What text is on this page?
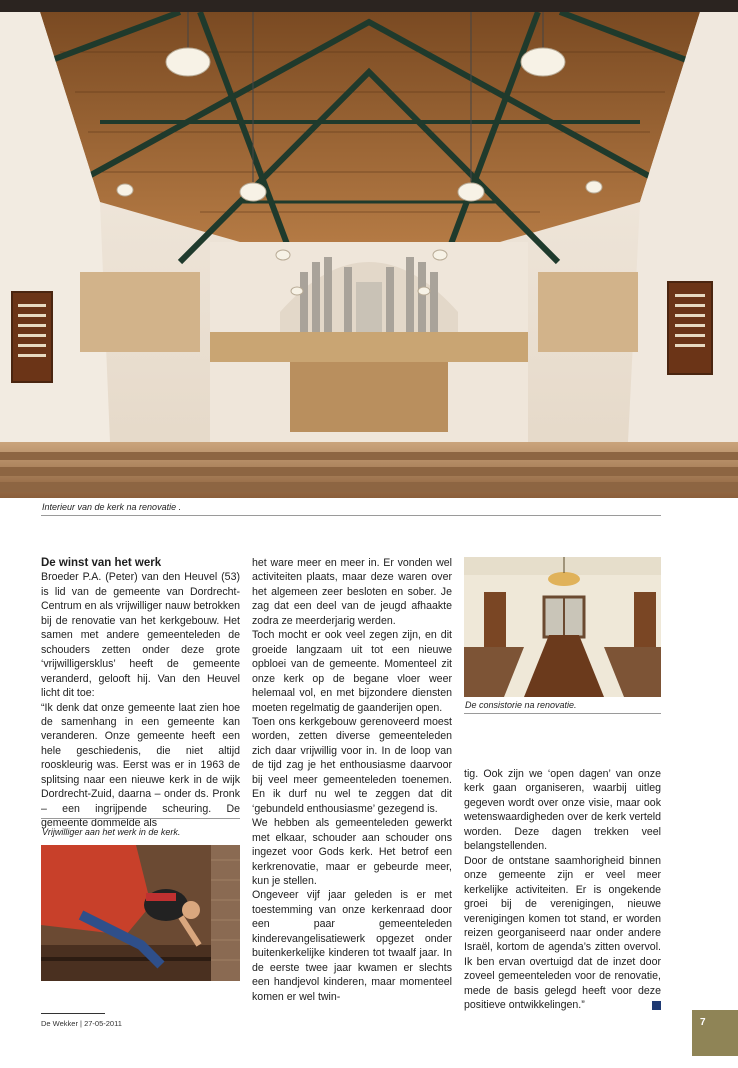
Interieur van de kerk na renovatie .
De winst van het werk

Broeder P.A. (Peter) van den Heuvel (53) is lid van de gemeente van Dordrecht-Centrum en als vrijwilliger nauw betrokken bij de renovatie van het kerkgebouw. Het samen met andere gemeenteleden de schouders zetten onder deze grote ‘vrijwilligersklus’ heeft de gemeente veranderd, gelooft hij. Van den Heuvel licht dit toe:

“Ik denk dat onze gemeente laat zien hoe de samenhang in een gemeente kan veranderen. Onze gemeente heeft een hele geschiedenis, die niet altijd rooskleurig was. Eerst was er in 1963 de splitsing naar een nieuwe kerk in de wijk Dordrecht-Zuid, daarna – onder ds. Pronk – een ingrijpende scheuring. De gemeente dommelde als

Vrijwilliger aan het werk in de kerk.

het ware meer en meer in. Er vonden wel activiteiten plaats, maar deze waren over het algemeen zeer besloten en sober. Je zag dat een deel van de jeugd afhaakte zodra ze meerderjarig werden.

Toch mocht er ook veel zegen zijn, en dit groeide langzaam uit tot een nieuwe opbloei van de gemeente. Momenteel zit onze kerk op de begane vloer weer helemaal vol, en met bijzondere diensten moeten regelmatig de gaanderijen open.

Toen ons kerkgebouw gerenoveerd moest worden, zetten diverse gemeenteleden zich daar vrijwillig voor in. In de loop van de tijd zag je het enthousiasme daarvoor bij veel meer gemeenteleden toenemen. En ik durf nu wel te zeggen dat dit ‘gebundeld enthousiasme’ gezegend is.

We hebben als gemeenteleden gewerkt met elkaar, schouder aan schouder ons ingezet voor Gods kerk. Het betrof een kerkrenovatie, maar er gebeurde meer, kun je stellen.

Ongeveer vijf jaar geleden is er met toestemming van onze kerkenraad door een paar gemeenteleden kinderevangelisatiewerk opgezet onder buitenkerkelijke kinderen tot twaalf jaar. In de eerste twee jaar kwamen er slechts een handjevol kinderen, maar momenteel komen er wel twin-

De consistorie na renovatie.

tig. Ook zijn we ‘open dagen’ van onze kerk gaan organiseren, waarbij uitleg gegeven wordt over onze visie, maar ook wetenswaardigheden over de kerk verteld worden. Deze dagen trekken veel belangstellenden.

Door de ontstane saamhorigheid binnen onze gemeente zijn er veel meer kerkelijke activiteiten. Er is ongekende groei bij de verenigingen, nieuwe verenigingen komen tot stand, er worden reizen georganiseerd naar onder andere Israël, kortom de agenda’s zitten overvol. Ik ben ervan overtuigd dat de inzet door zoveel gemeenteleden voor de renovatie, mede de basis gelegd heeft voor deze positieve ontwikkelingen.”

De Wekker | 27-05-2011	7
